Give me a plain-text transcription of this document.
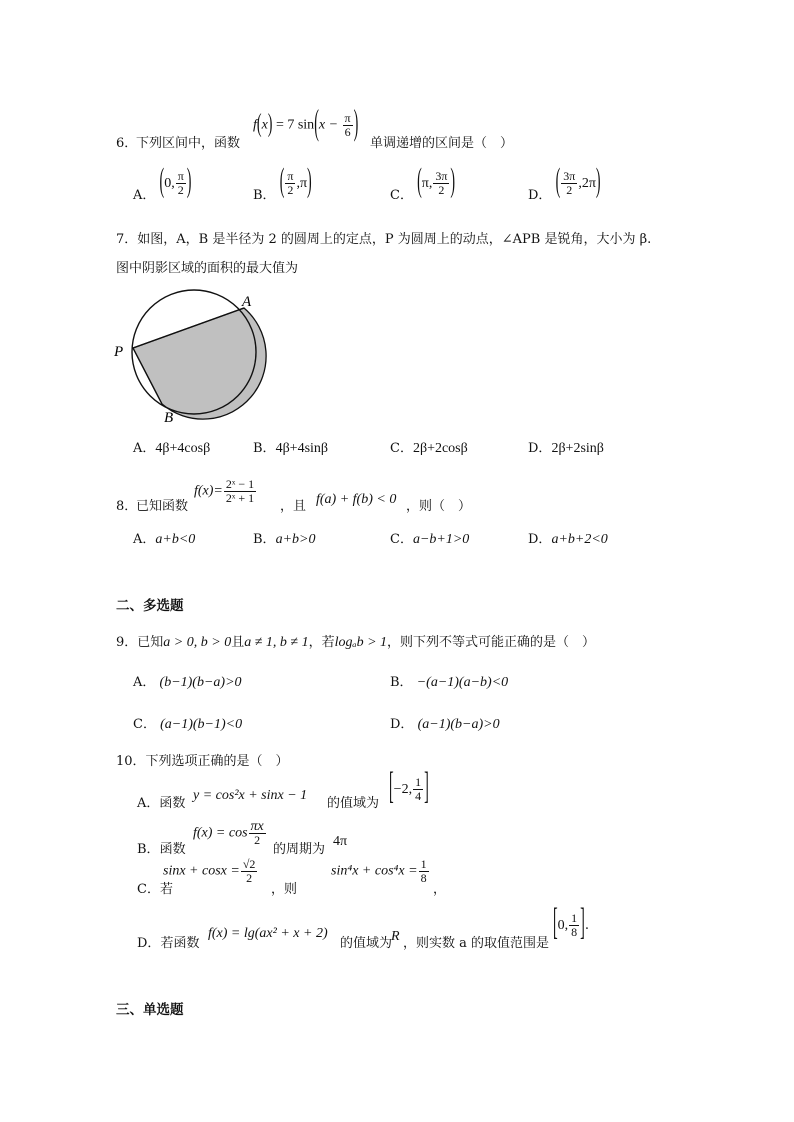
6．
下列区间中，函数
f(x) = 7 $\sin(x - \frac{\pi}{6}$ ) 单调递增的区间是（　）
A． (0, $\frac{\pi}{2}$ )	B． ( $\frac{\pi}{2} ,\pi$)	C． (π, $\frac{3\pi}{2}$ )	D． ( $\frac{3\pi}{2} ,2\pi$)
7．如图，A，B 是半径为 2 的圆周上的定点，P 为圆周上的动点，∠APB 是锐角，大小为 β.
图中阴影区域的面积的最大值为
A
P
B
A．4β+4cosβ	B．4β+4sinβ	C．2β+2cosβ	D．2β+2sinβ
8．
已知函数
$f(x)= \frac{\text{2ˣ − 1}}{\text{2ˣ + 1}}$
，且 f(a) + f(b) < 0 ，则（　）
A．a+b<0	B．a+b>0	C．a−b+1>0	D．a+b+2<0
二、多选题
9．已知a > 0, b > 0且a ≠ 1, b ≠ 1，若logₐb > 1，则下列不等式可能正确的是（　）
A． (b−1)(b−a)>0	B． −(a−1)(a−b)<0
C． (a−1)(b−1)<0	D． (a−1)(b−a)>0
10．下列选项正确的是（　）
A．函数
y = cos²x + sinx − 1
的值域为 [−2, $\frac{1}{4}$ ]
B．函数
$f(x) = \cos \frac{\pi x}{2}$
的周期为
4π
C．若
$\sin x + \cos x = \frac{√2}{2}$
，则
$\sin^4x + \cos^4x = \frac{1}{8}$
，
D．若函数
f(x) = lg(ax² + x + 2)
的值域为
R ，则实数 a 的取值范围是 [0, $\frac{1}{8}$ ].
三、单选题
